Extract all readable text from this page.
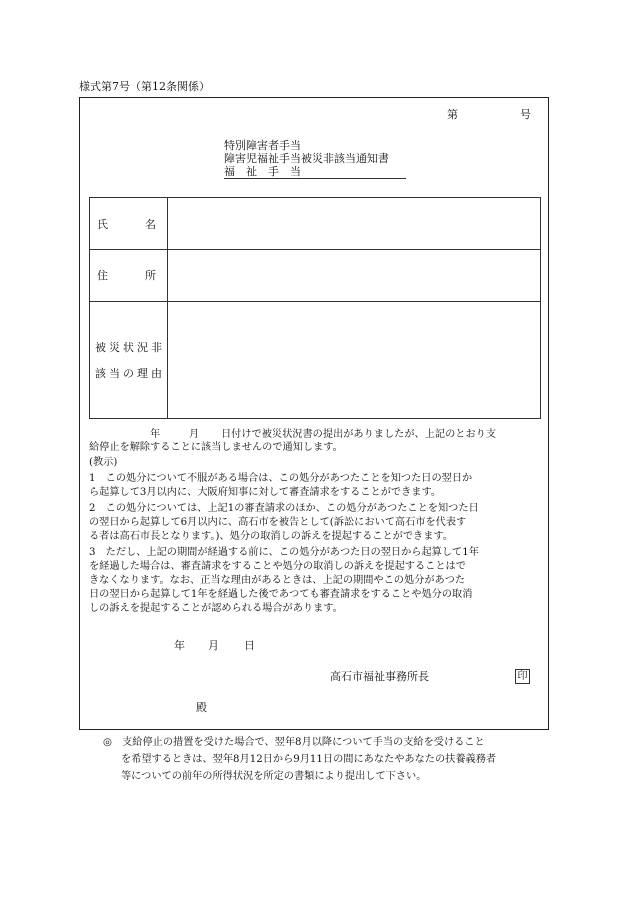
様式第7号（第12条関係）
第	号
特別障害者手当
障害児福祉手当被災非該当通知書
福　祉　手　当
氏　　　名
住　　　所
被災状況非
該当の理由
年	月 日付けで被災状況書の提出がありましたが、上記のとおり支
給停止を解除することに該当しませんので通知します。
(教示)
1　この処分について不服がある場合は、この処分があつたことを知つた日の翌日か
ら起算して3月以内に、大阪府知事に対して審査請求をすることができます。
2　この処分については、上記1の審査請求のほか、この処分があつたことを知つた日
の翌日から起算して6月以内に、高石市を被告として(訴訟において高石市を代表す
る者は高石市長となります。)、処分の取消しの訴えを提起することができます。
3　ただし、上記の期間が経過する前に、この処分があつた日の翌日から起算して1年
を経過した場合は、審査請求をすることや処分の取消しの訴えを提起することはで
きなくなります。なお、正当な理由があるときは、上記の期間やこの処分があつた
日の翌日から起算して1年を経過した後であつても審査請求をすることや処分の取消
しの訴えを提起することが認められる場合があります。
年 月 日
高石市福祉事務所長	印
殿
◎　支給停止の措置を受けた場合で、翌年8月以降について手当の支給を受けること
を希望するときは、翌年8月12日から9月11日の間にあなたやあなたの扶養義務者
等についての前年の所得状況を所定の書類により提出して下さい。
